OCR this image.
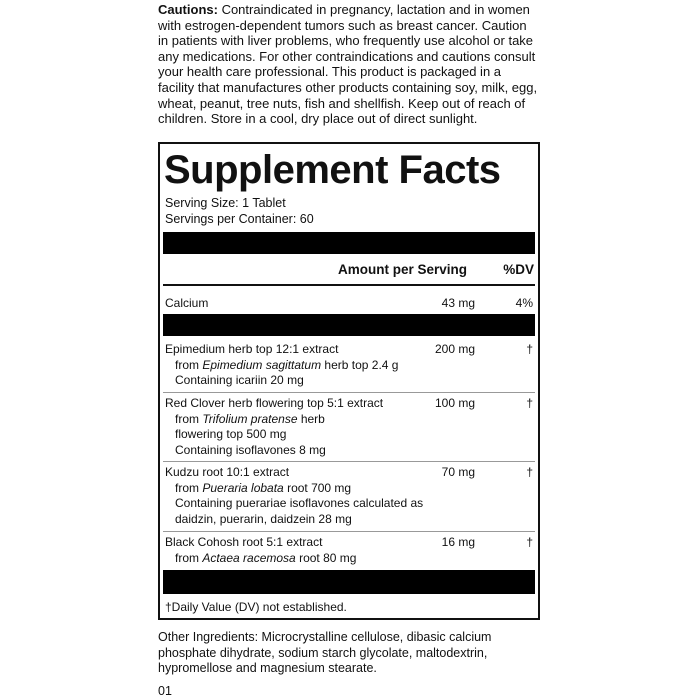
Cautions: Contraindicated in pregnancy, lactation and in women with estrogen-dependent tumors such as breast cancer. Caution in patients with liver problems, who frequently use alcohol or take any medications. For other contraindications and cautions consult your health care professional. This product is packaged in a facility that manufactures other products containing soy, milk, egg, wheat, peanut, tree nuts, fish and shellfish. Keep out of reach of children. Store in a cool, dry place out of direct sunlight.
Supplement Facts
Serving Size: 1 Tablet
Servings per Container: 60
Amount per Serving	%DV
Calcium	43 mg	4%
Epimedium herb top 12:1 extract
from Epimedium sagittatum herb top 2.4 g
Containing icariin 20 mg
200 mg	†
Red Clover herb flowering top 5:1 extract
from Trifolium pratense herb
flowering top 500 mg
Containing isoflavones 8 mg
100 mg	†
Kudzu root 10:1 extract
from Pueraria lobata root 700 mg
Containing puerariae isoflavones calculated as
daidzin, puerarin, daidzein 28 mg
70 mg	†
Black Cohosh root 5:1 extract
from Actaea racemosa root 80 mg
16 mg	†
†Daily Value (DV) not established.
Other Ingredients: Microcrystalline cellulose, dibasic calcium phosphate dihydrate, sodium starch glycolate, maltodextrin, hypromellose and magnesium stearate.
01
